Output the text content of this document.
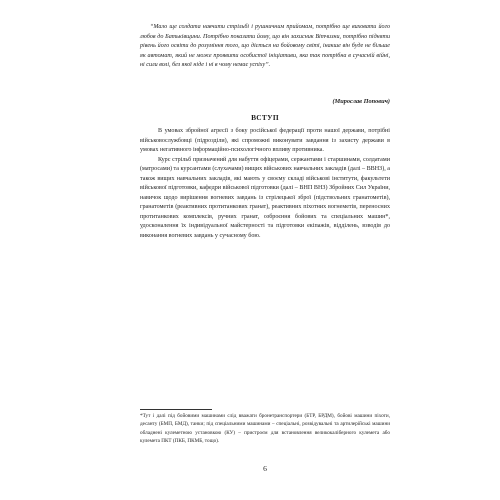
“Мало ще солдата навчити стрільбі і рушничним прийомам, потрібно ще виховати його любов до Батьківщини. Потрібно показати йому, що він захисник Вітчизни, потрібно підняти рівень його освіти до розуміння того, що діється на бойовому світі, інакше він буде не більше як автомат, який не може проявити особистої ініціативи, яка так потрібна в сучасній війні, ні сили волі, без якої ніде і ні в чому немає успіху”.

(Мирослав Попович)
ВСТУП

В умовах збройної агресії з боку російської федерації проти нашої держави, потрібні військовослужбовці (підрозділи), які спроможні виконувати завдання із захисту держави в умовах негативного інформаційно-психологічного впливу противника.

Курс стрільб призначений для набуття офіцерами, сержантами і старшинами, солдатами (матросами) та курсантами (слухачами) вищих військових навчальних закладів (далі – ВВНЗ), а також вищих навчальних закладів, які мають у своєму складі військові інститути, факультети військової підготовки, кафедри військової підготовки (далі – ВНП ВНЗ) Збройних Сил України, навичок щодо вирішення вогневих завдань із стрілецької зброї (підствольних гранатометів), гранатометів (реактивних протитанкових гранат), реактивних піхотних вогнеметів, переносних протитанкових комплексів, ручних гранат, озброєння бойових та спеціальних машин*, удосконалення їх індивідуальної майстерності та підготовки екіпажів, відділень, взводів до виконання вогневих завдань у сучасному бою.

*Тут і далі під бойовими машинами слід вважати бронетранспортери (БТР, БРДМ), бойові машини піхоти, десанту (БМП, БМД), танки; під спеціальними машинами – спеціальні, розвідувальні та артилерійські машини обладнені кулеметною установкою (КУ) – пристроєм для встановлення великокаліберного кулемета або кулемета ПКТ (ПКБ, ПКМБ, тощо).

6
